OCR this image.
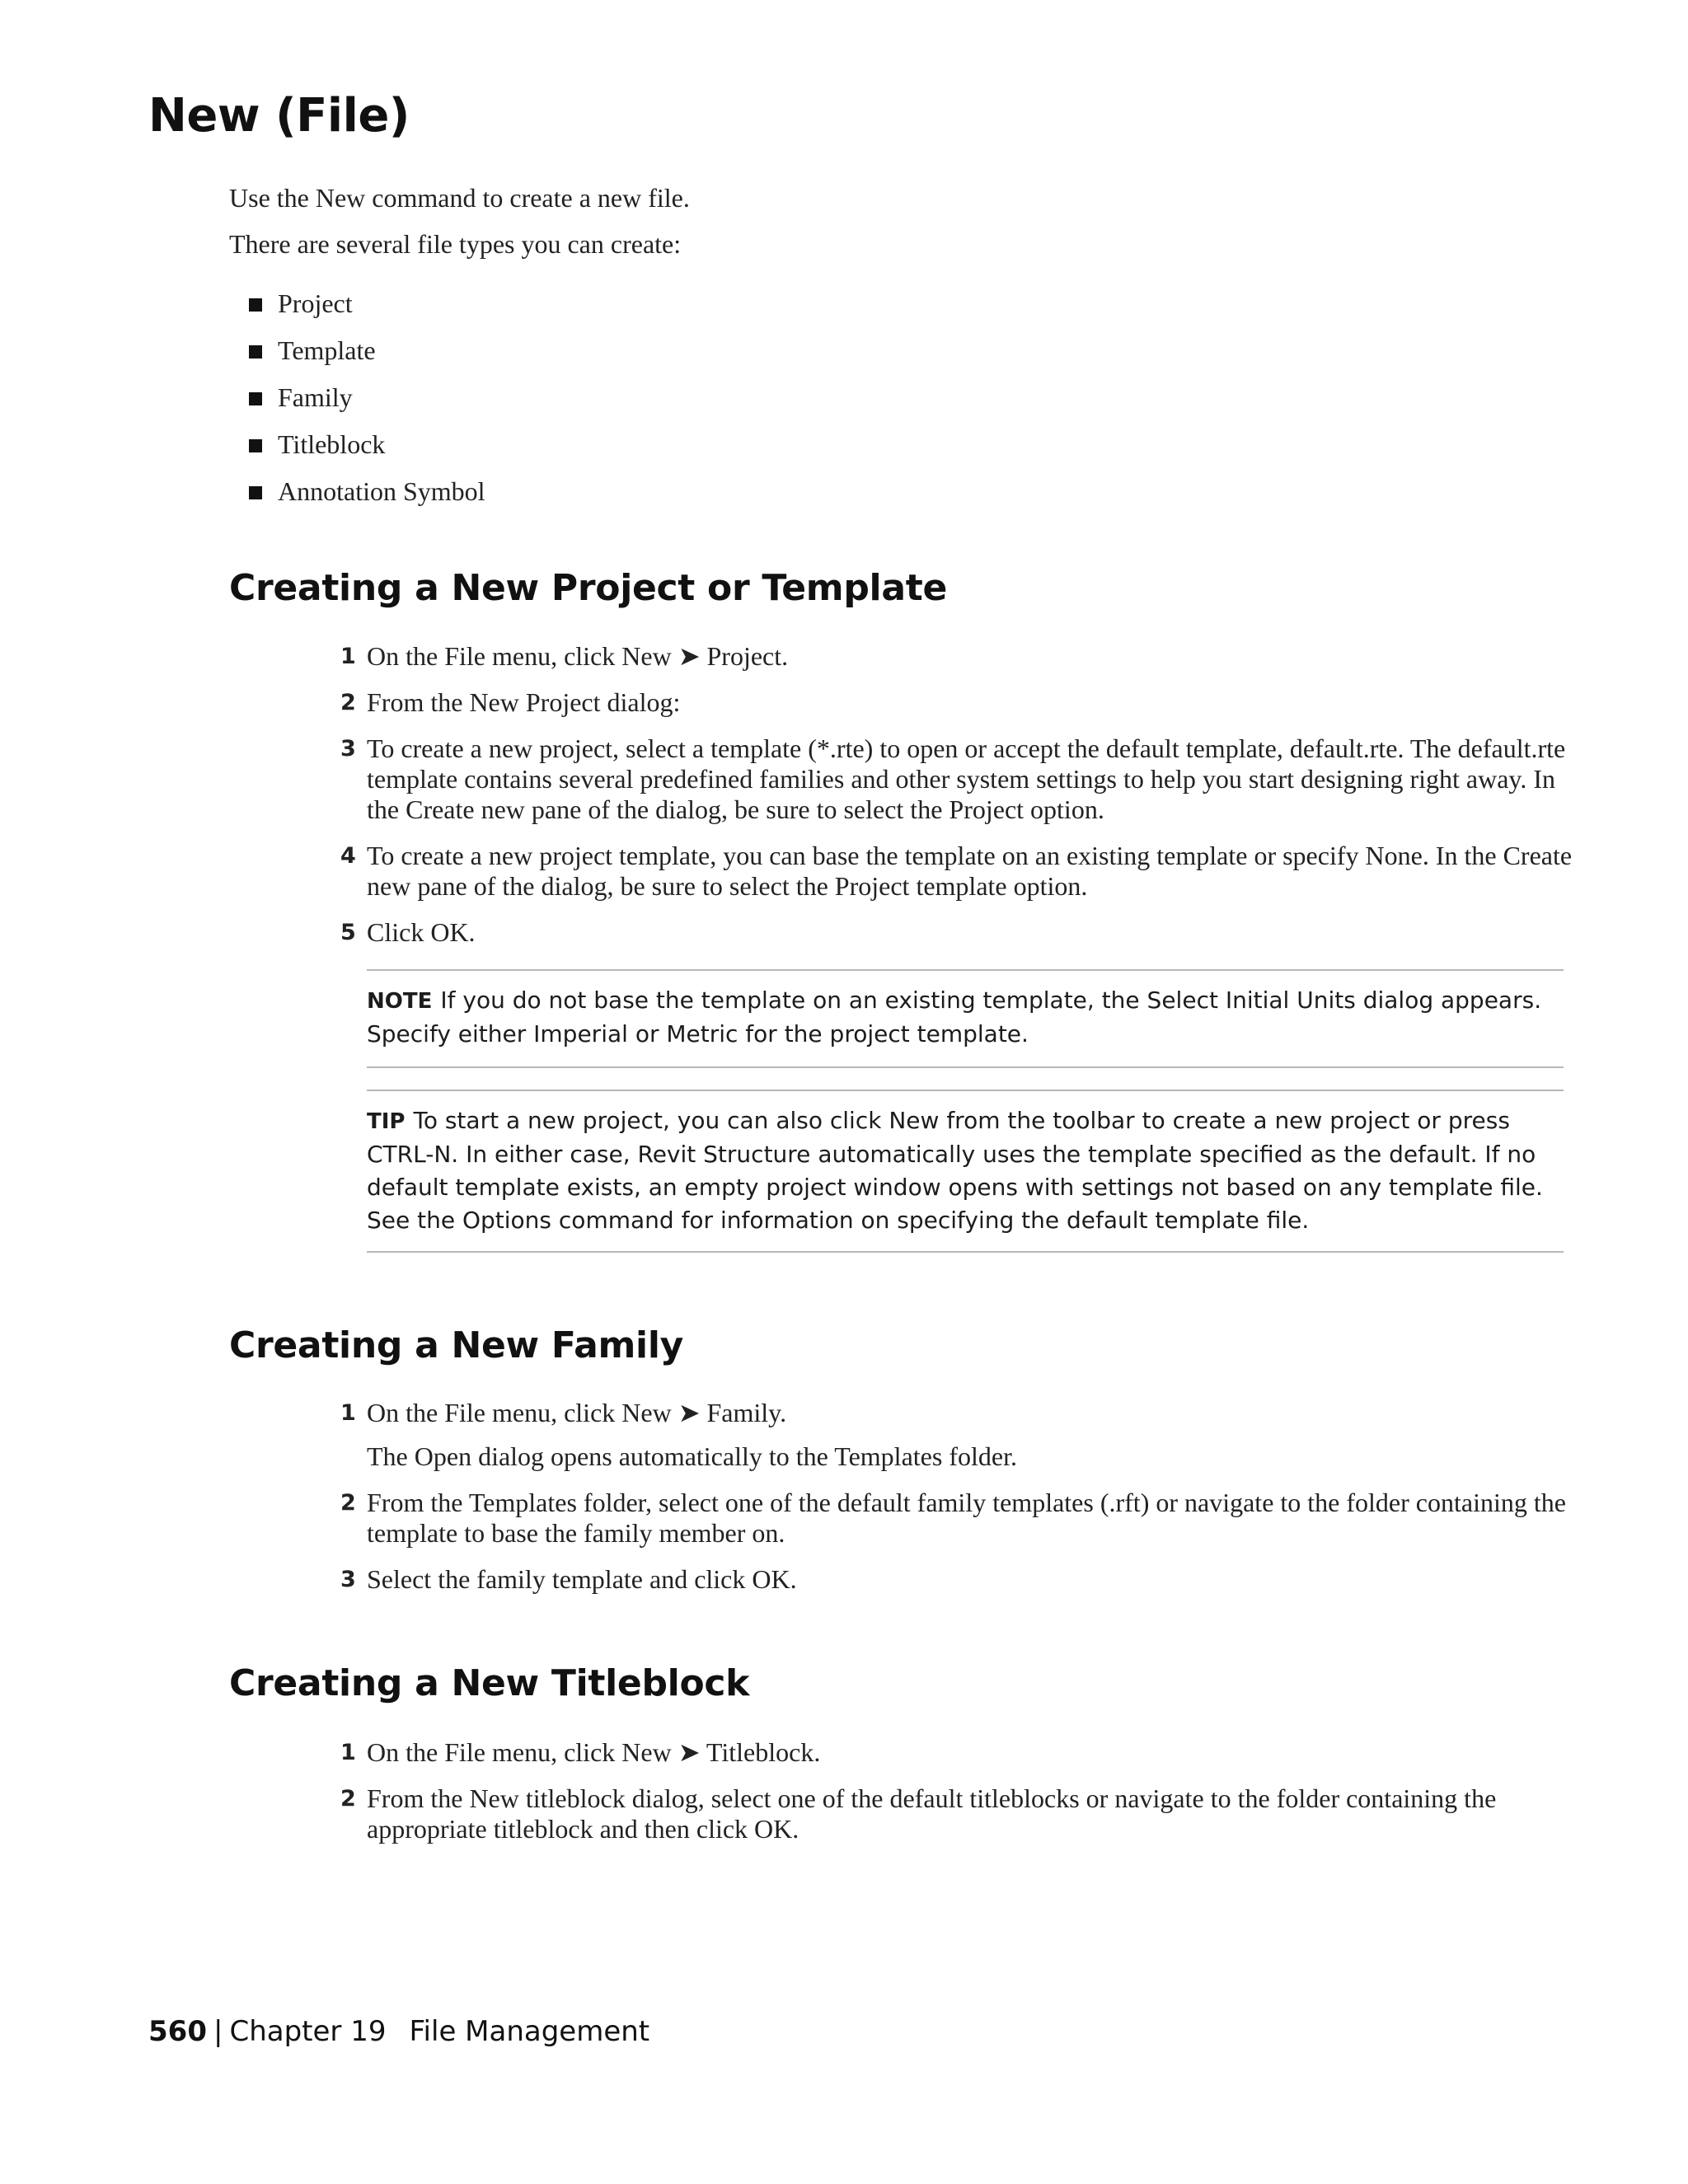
New (File)

Use the New command to create a new file.

There are several file types you can create:

Project
Template
Family
Titleblock
Annotation Symbol
Creating a New Project or Template
1 On the File menu, click New ➤ Project.
2 From the New Project dialog:
3 To create a new project, select a template (*.rte) to open or accept the default template, default.rte. The default.rte template contains several predefined families and other system settings to help you start designing right away. In the Create new pane of the dialog, be sure to select the Project option.
4 To create a new project template, you can base the template on an existing template or specify None. In the Create new pane of the dialog, be sure to select the Project template option.
5 Click OK.
NOTE If you do not base the template on an existing template, the Select Initial Units dialog appears. Specify either Imperial or Metric for the project template.
TIP To start a new project, you can also click New from the toolbar to create a new project or press CTRL-N. In either case, Revit Structure automatically uses the template specified as the default. If no default template exists, an empty project window opens with settings not based on any template file. See the Options command for information on specifying the default template file.
Creating a New Family
1 On the File menu, click New ➤ Family.
The Open dialog opens automatically to the Templates folder.
2 From the Templates folder, select one of the default family templates (.rft) or navigate to the folder containing the template to base the family member on.
3 Select the family template and click OK.
Creating a New Titleblock
1 On the File menu, click New ➤ Titleblock.
2 From the New titleblock dialog, select one of the default titleblocks or navigate to the folder containing the appropriate titleblock and then click OK.
560 | Chapter 19 File Management
